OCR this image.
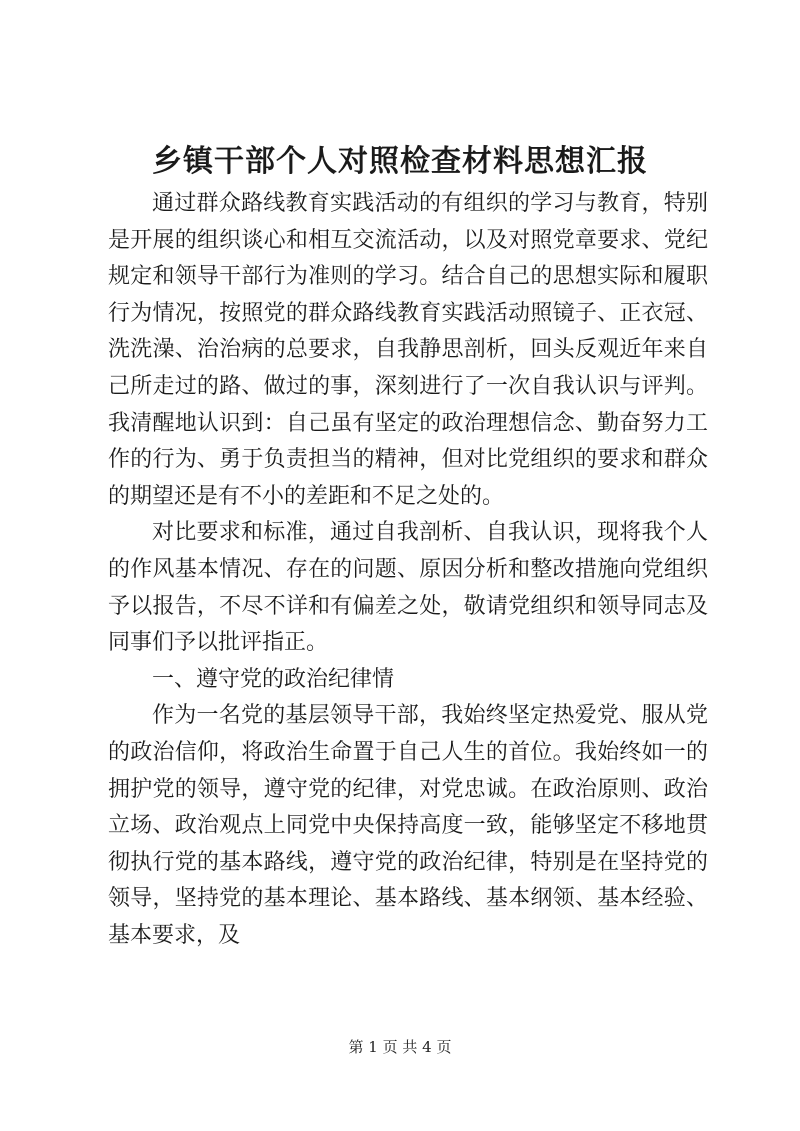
乡镇干部个人对照检查材料思想汇报

通过群众路线教育实践活动的有组织的学习与教育，特别是开展的组织谈心和相互交流活动，以及对照党章要求、党纪规定和领导干部行为准则的学习。结合自己的思想实际和履职行为情况，按照党的群众路线教育实践活动照镜子、正衣冠、洗洗澡、治治病的总要求，自我静思剖析，回头反观近年来自己所走过的路、做过的事，深刻进行了一次自我认识与评判。我清醒地认识到：自己虽有坚定的政治理想信念、勤奋努力工作的行为、勇于负责担当的精神，但对比党组织的要求和群众的期望还是有不小的差距和不足之处的。

对比要求和标准，通过自我剖析、自我认识，现将我个人的作风基本情况、存在的问题、原因分析和整改措施向党组织予以报告，不尽不详和有偏差之处，敬请党组织和领导同志及同事们予以批评指正。

一、遵守党的政治纪律情

作为一名党的基层领导干部，我始终坚定热爱党、服从党的政治信仰，将政治生命置于自己人生的首位。我始终如一的拥护党的领导，遵守党的纪律，对党忠诚。在政治原则、政治立场、政治观点上同党中央保持高度一致，能够坚定不移地贯彻执行党的基本路线，遵守党的政治纪律，特别是在坚持党的领导，坚持党的基本理论、基本路线、基本纲领、基本经验、基本要求，及

第 1 页 共 4 页
